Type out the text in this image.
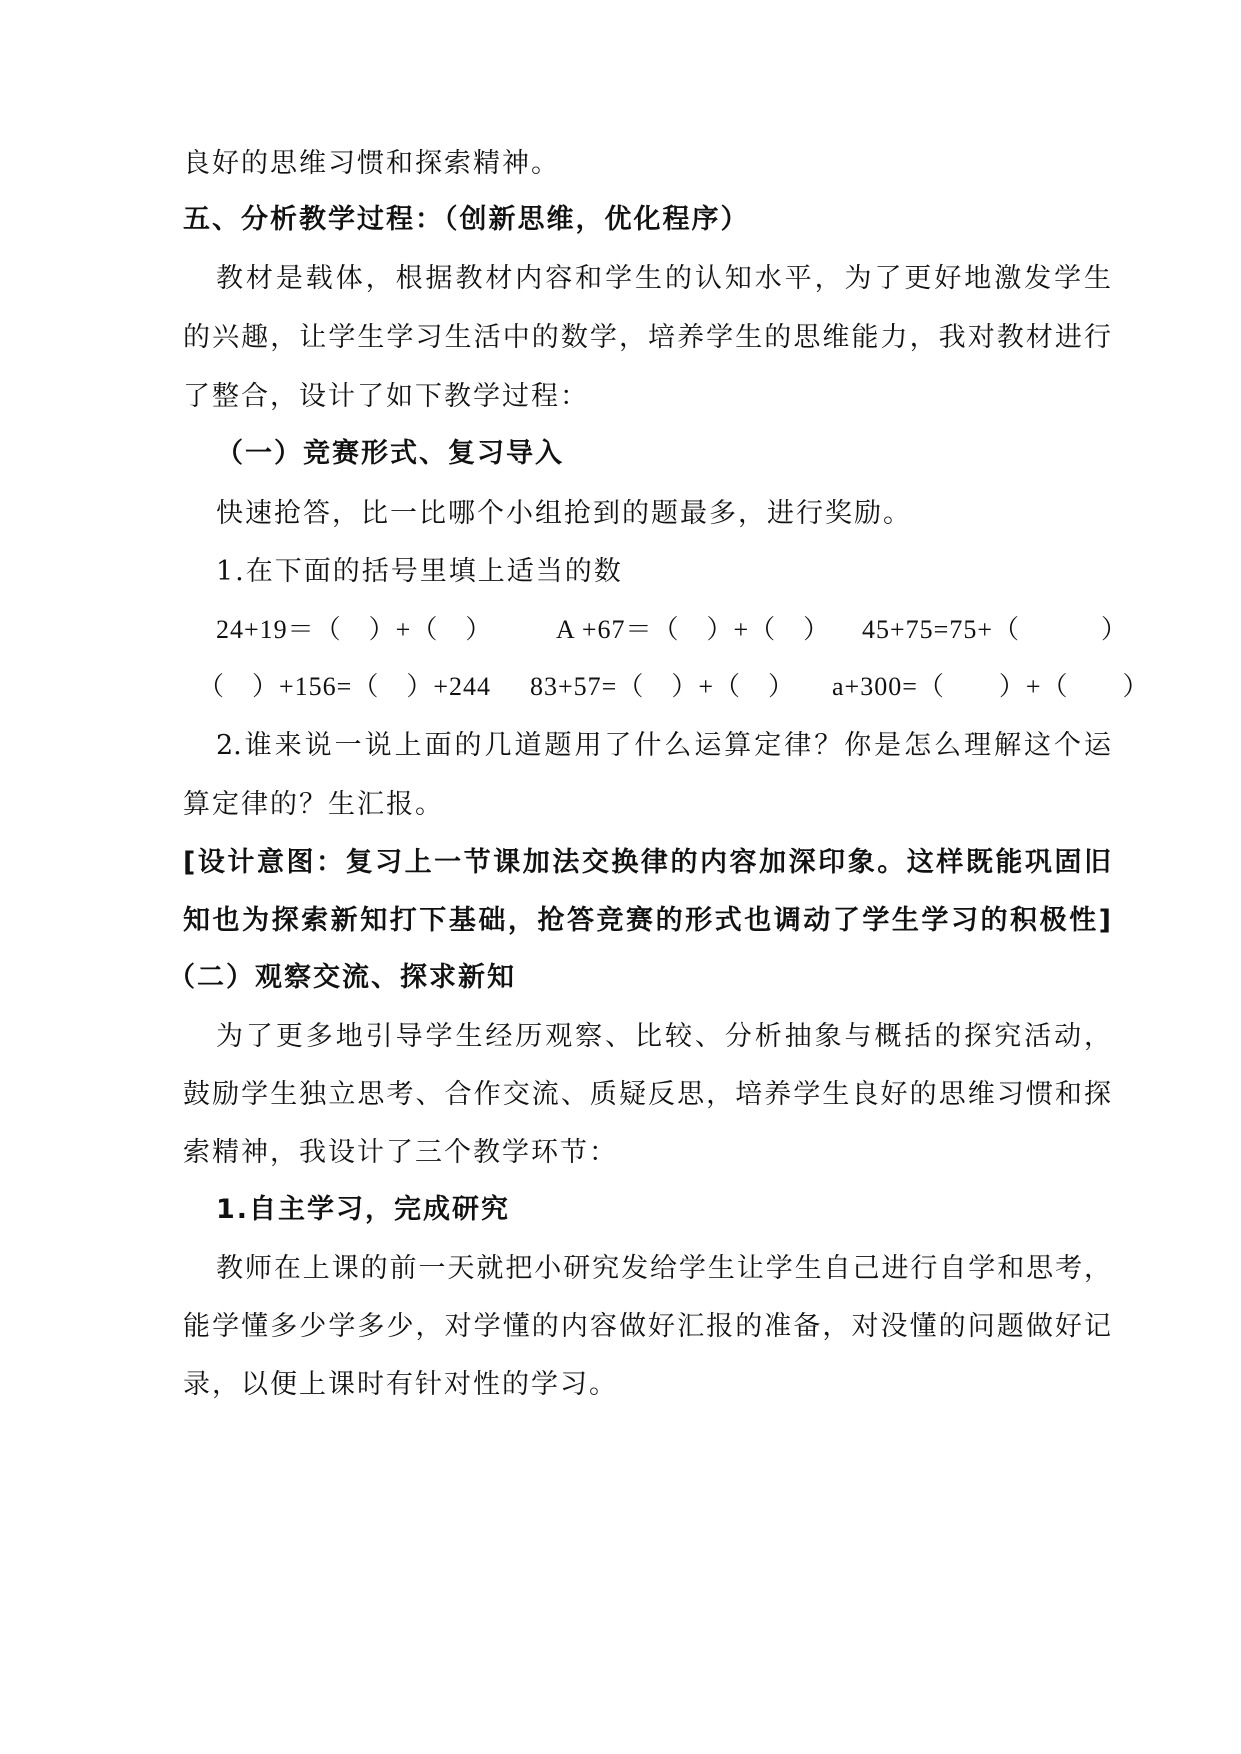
良好的思维习惯和探索精神。
五、分析教学过程：（创新思维，优化程序）
教材是载体，根据教材内容和学生的认知水平，为了更好地激发学生
的兴趣，让学生学习生活中的数学，培养学生的思维能力，我对教材进行
了整合，设计了如下教学过程：
（一）竞赛形式、复习导入
快速抢答，比一比哪个小组抢到的题最多，进行奖励。
1.在下面的括号里填上适当的数
24+19＝（　）+（　） A +67＝（　）+（　） 45+75=75+（　　　）
（　）+156=（　）+244 83+57=（　）+（　） a+300=（　　）+（　　）
2.谁来说一说上面的几道题用了什么运算定律？你是怎么理解这个运
算定律的？生汇报。
[设计意图：复习上一节课加法交换律的内容加深印象。这样既能巩固旧
知也为探索新知打下基础，抢答竞赛的形式也调动了学生学习的积极性]
（二）观察交流、探求新知
为了更多地引导学生经历观察、比较、分析抽象与概括的探究活动，
鼓励学生独立思考、合作交流、质疑反思，培养学生良好的思维习惯和探
索精神，我设计了三个教学环节：
1.自主学习，完成研究
教师在上课的前一天就把小研究发给学生让学生自己进行自学和思考，
能学懂多少学多少，对学懂的内容做好汇报的准备，对没懂的问题做好记
录，以便上课时有针对性的学习。
